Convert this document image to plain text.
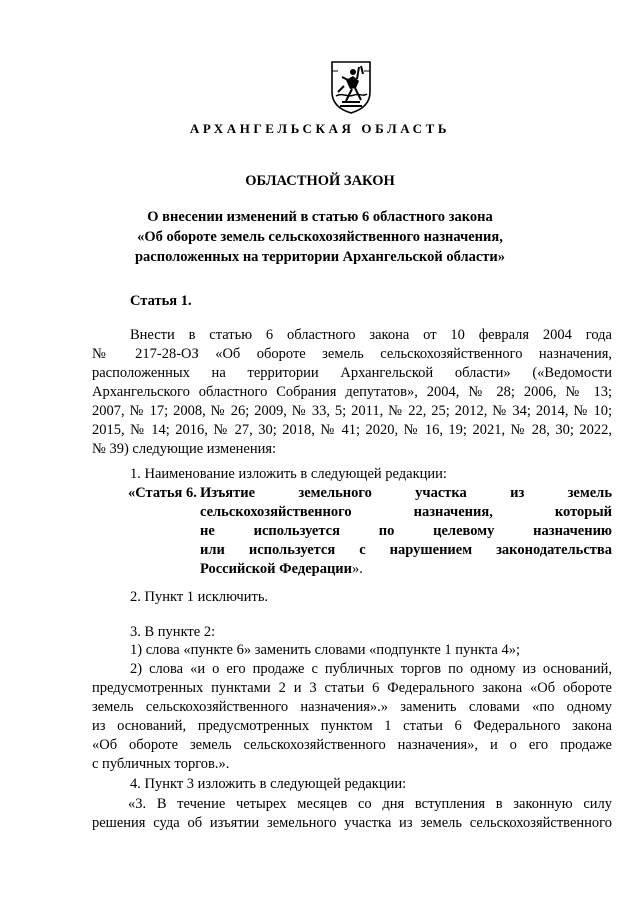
АРХАНГЕЛЬСКАЯ ОБЛАСТЬ
ОБЛАСТНОЙ ЗАКОН
О внесении изменений в статью 6 областного закона
«Об обороте земель сельскохозяйственного назначения,
расположенных на территории Архангельской области»
Статья 1.
Внести в статью 6 областного закона от 10 февраля 2004 года
№ 217-28-ОЗ «Об обороте земель сельскохозяйственного назначения,
расположенных на территории Архангельской области» («Ведомости
Архангельского областного Собрания депутатов», 2004, № 28; 2006, № 13;
2007, № 17; 2008, № 26; 2009, № 33, 5; 2011, № 22, 25; 2012, № 34; 2014, № 10;
2015, № 14; 2016, № 27, 30; 2018, № 41; 2020, № 16, 19; 2021, № 28, 30; 2022,
№ 39) следующие изменения:
1. Наименование изложить в следующей редакции:
«Статья 6. Изъятие земельного участка из земель
сельскохозяйственного назначения, который
не используется по целевому назначению
или используется с нарушением законодательства
Российской Федерации».
2. Пункт 1 исключить.
3. В пункте 2:
1) слова «пункте 6» заменить словами «подпункте 1 пункта 4»;
2) слова «и о его продаже с публичных торгов по одному из оснований,
предусмотренных пунктами 2 и 3 статьи 6 Федерального закона «Об обороте
земель сельскохозяйственного назначения».» заменить словами «по одному
из оснований, предусмотренных пунктом 1 статьи 6 Федерального закона
«Об обороте земель сельскохозяйственного назначения», и о его продаже
с публичных торгов.».
4. Пункт 3 изложить в следующей редакции:
«3. В течение четырех месяцев со дня вступления в законную силу
решения суда об изъятии земельного участка из земель сельскохозяйственного
